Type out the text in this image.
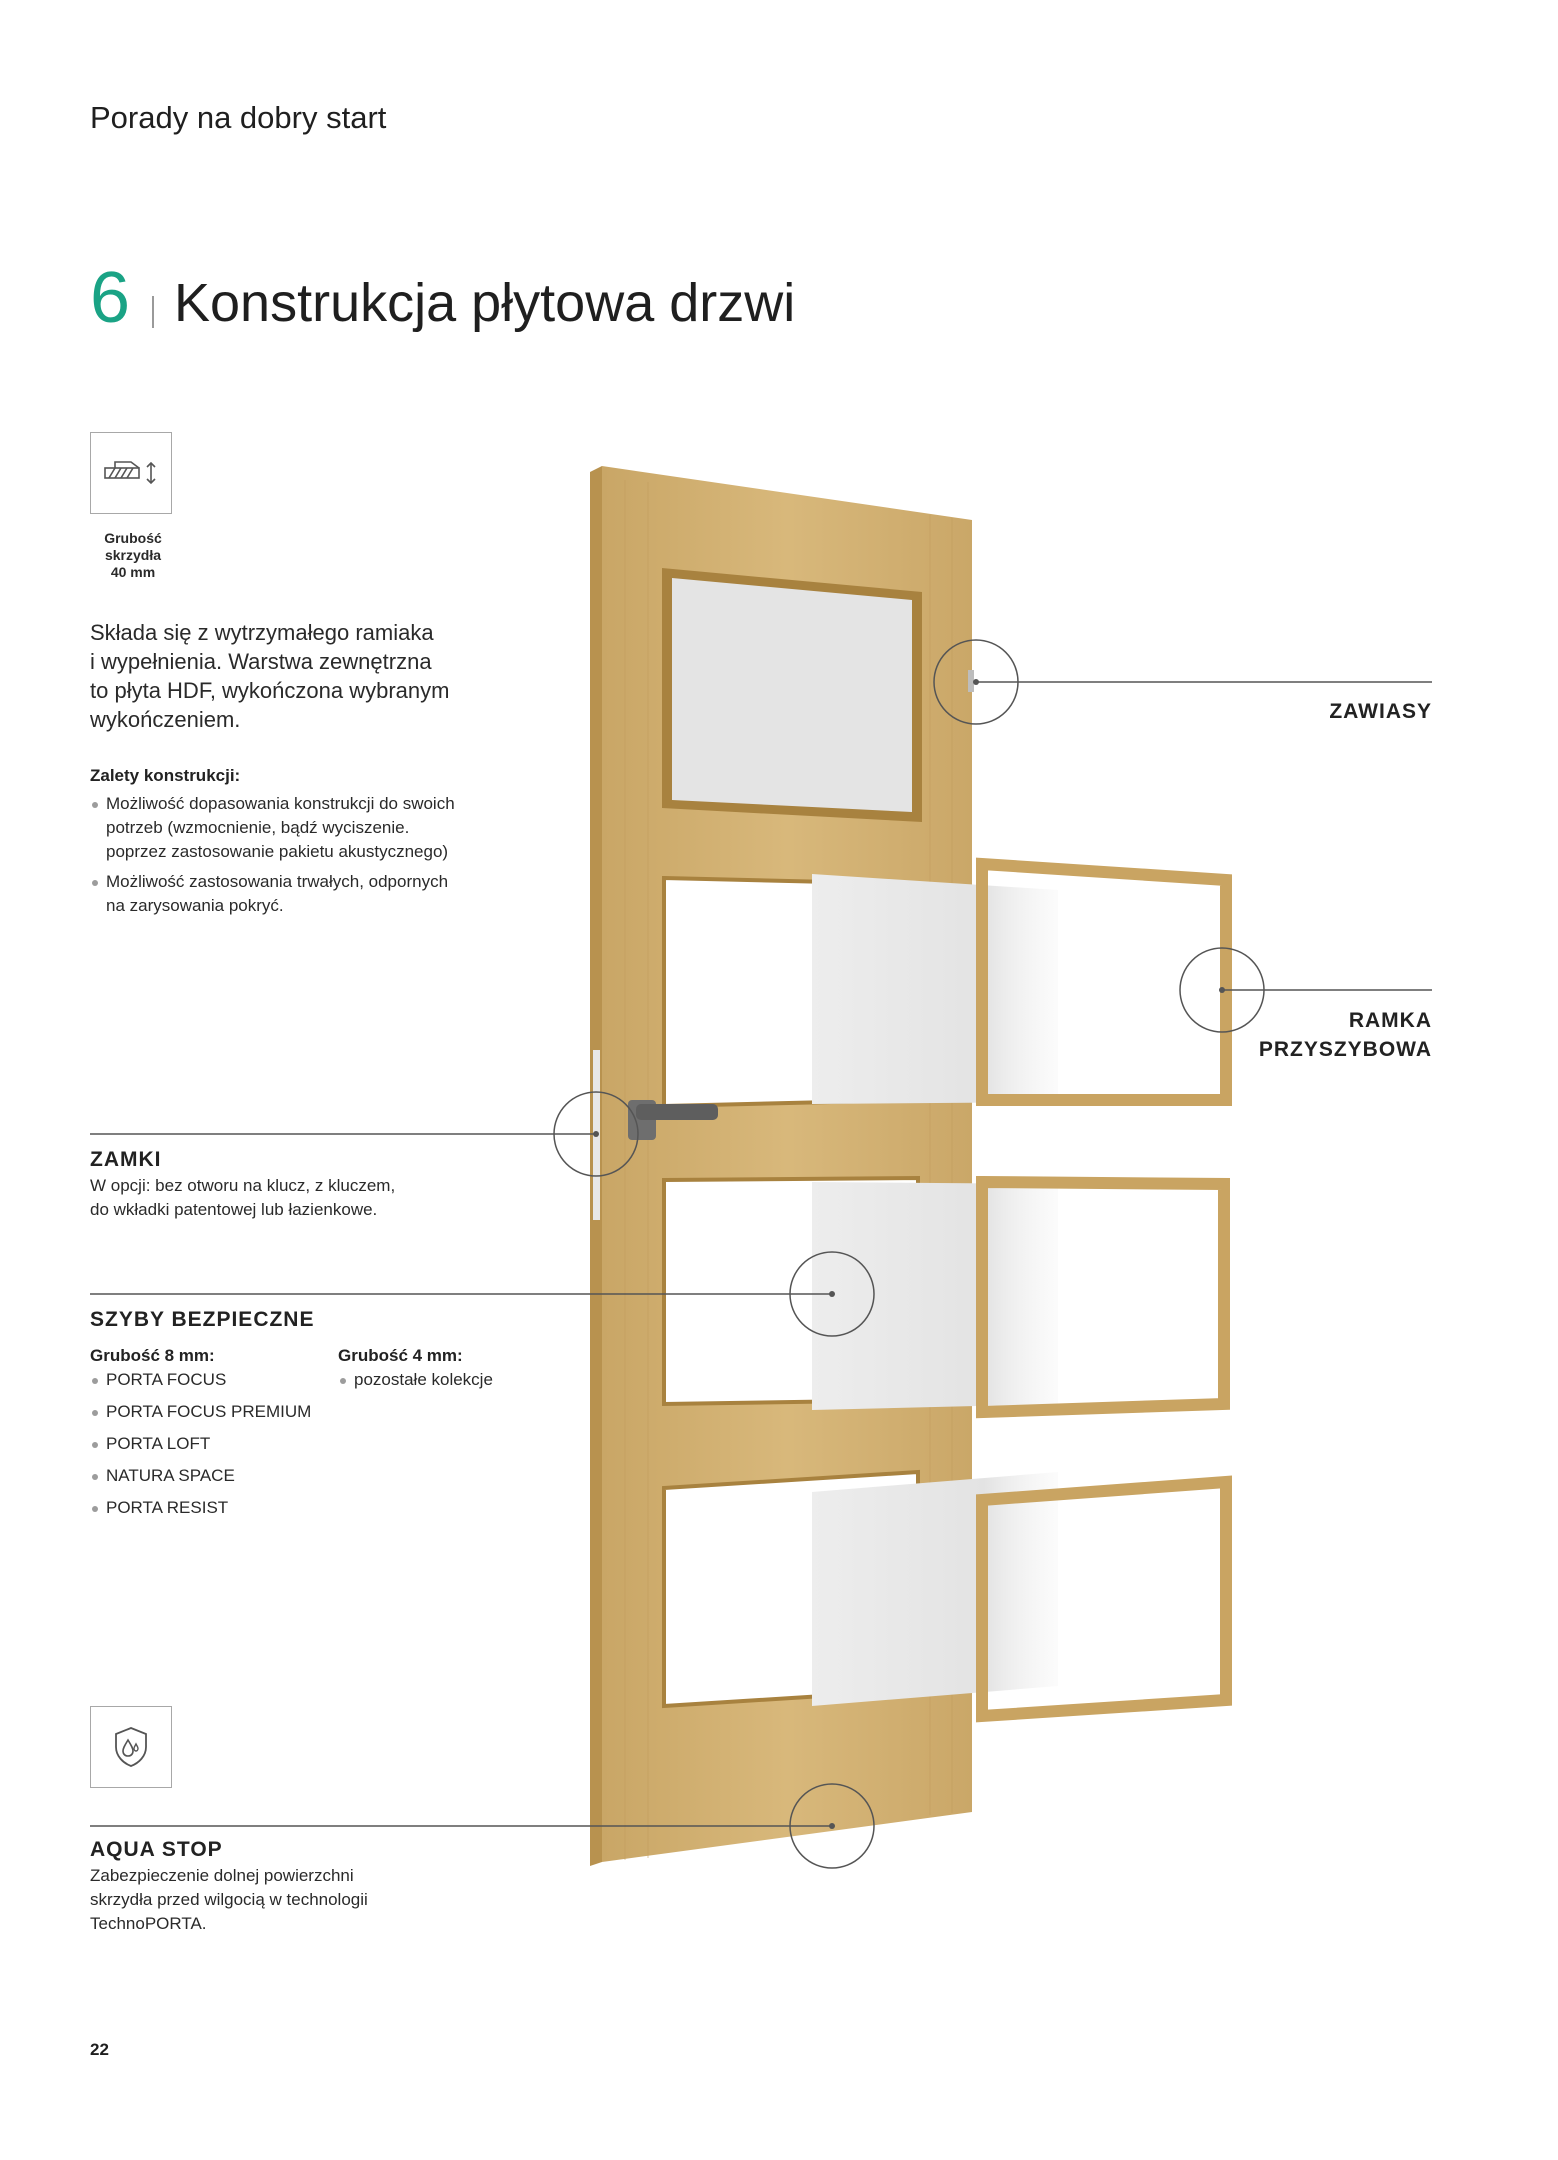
Porady na dobry start
6 Konstrukcja płytowa drzwi
Grubość
skrzydła
40 mm
Składa się z wytrzymałego ramiaka
i wypełnienia. Warstwa zewnętrzna
to płyta HDF, wykończona wybranym
wykończeniem.
Zalety konstrukcji:
Możliwość dopasowania konstrukcji do swoich
potrzeb (wzmocnienie, bądź wyciszenie.
poprzez zastosowanie pakietu akustycznego)
Możliwość zastosowania trwałych, odpornych
na zarysowania pokryć.
ZAWIASY
RAMKA
PRZYSZYBOWA
ZAMKI
W opcji: bez otworu na klucz, z kluczem,
do wkładki patentowej lub łazienkowe.
SZYBY BEZPIECZNE
Grubość 8 mm:
PORTA FOCUS
PORTA FOCUS PREMIUM
PORTA LOFT
NATURA SPACE
PORTA RESIST
Grubość 4 mm:
pozostałe kolekcje
AQUA STOP
Zabezpieczenie dolnej powierzchni
skrzydła przed wilgocią w technologii
TechnoPORTA.
22
